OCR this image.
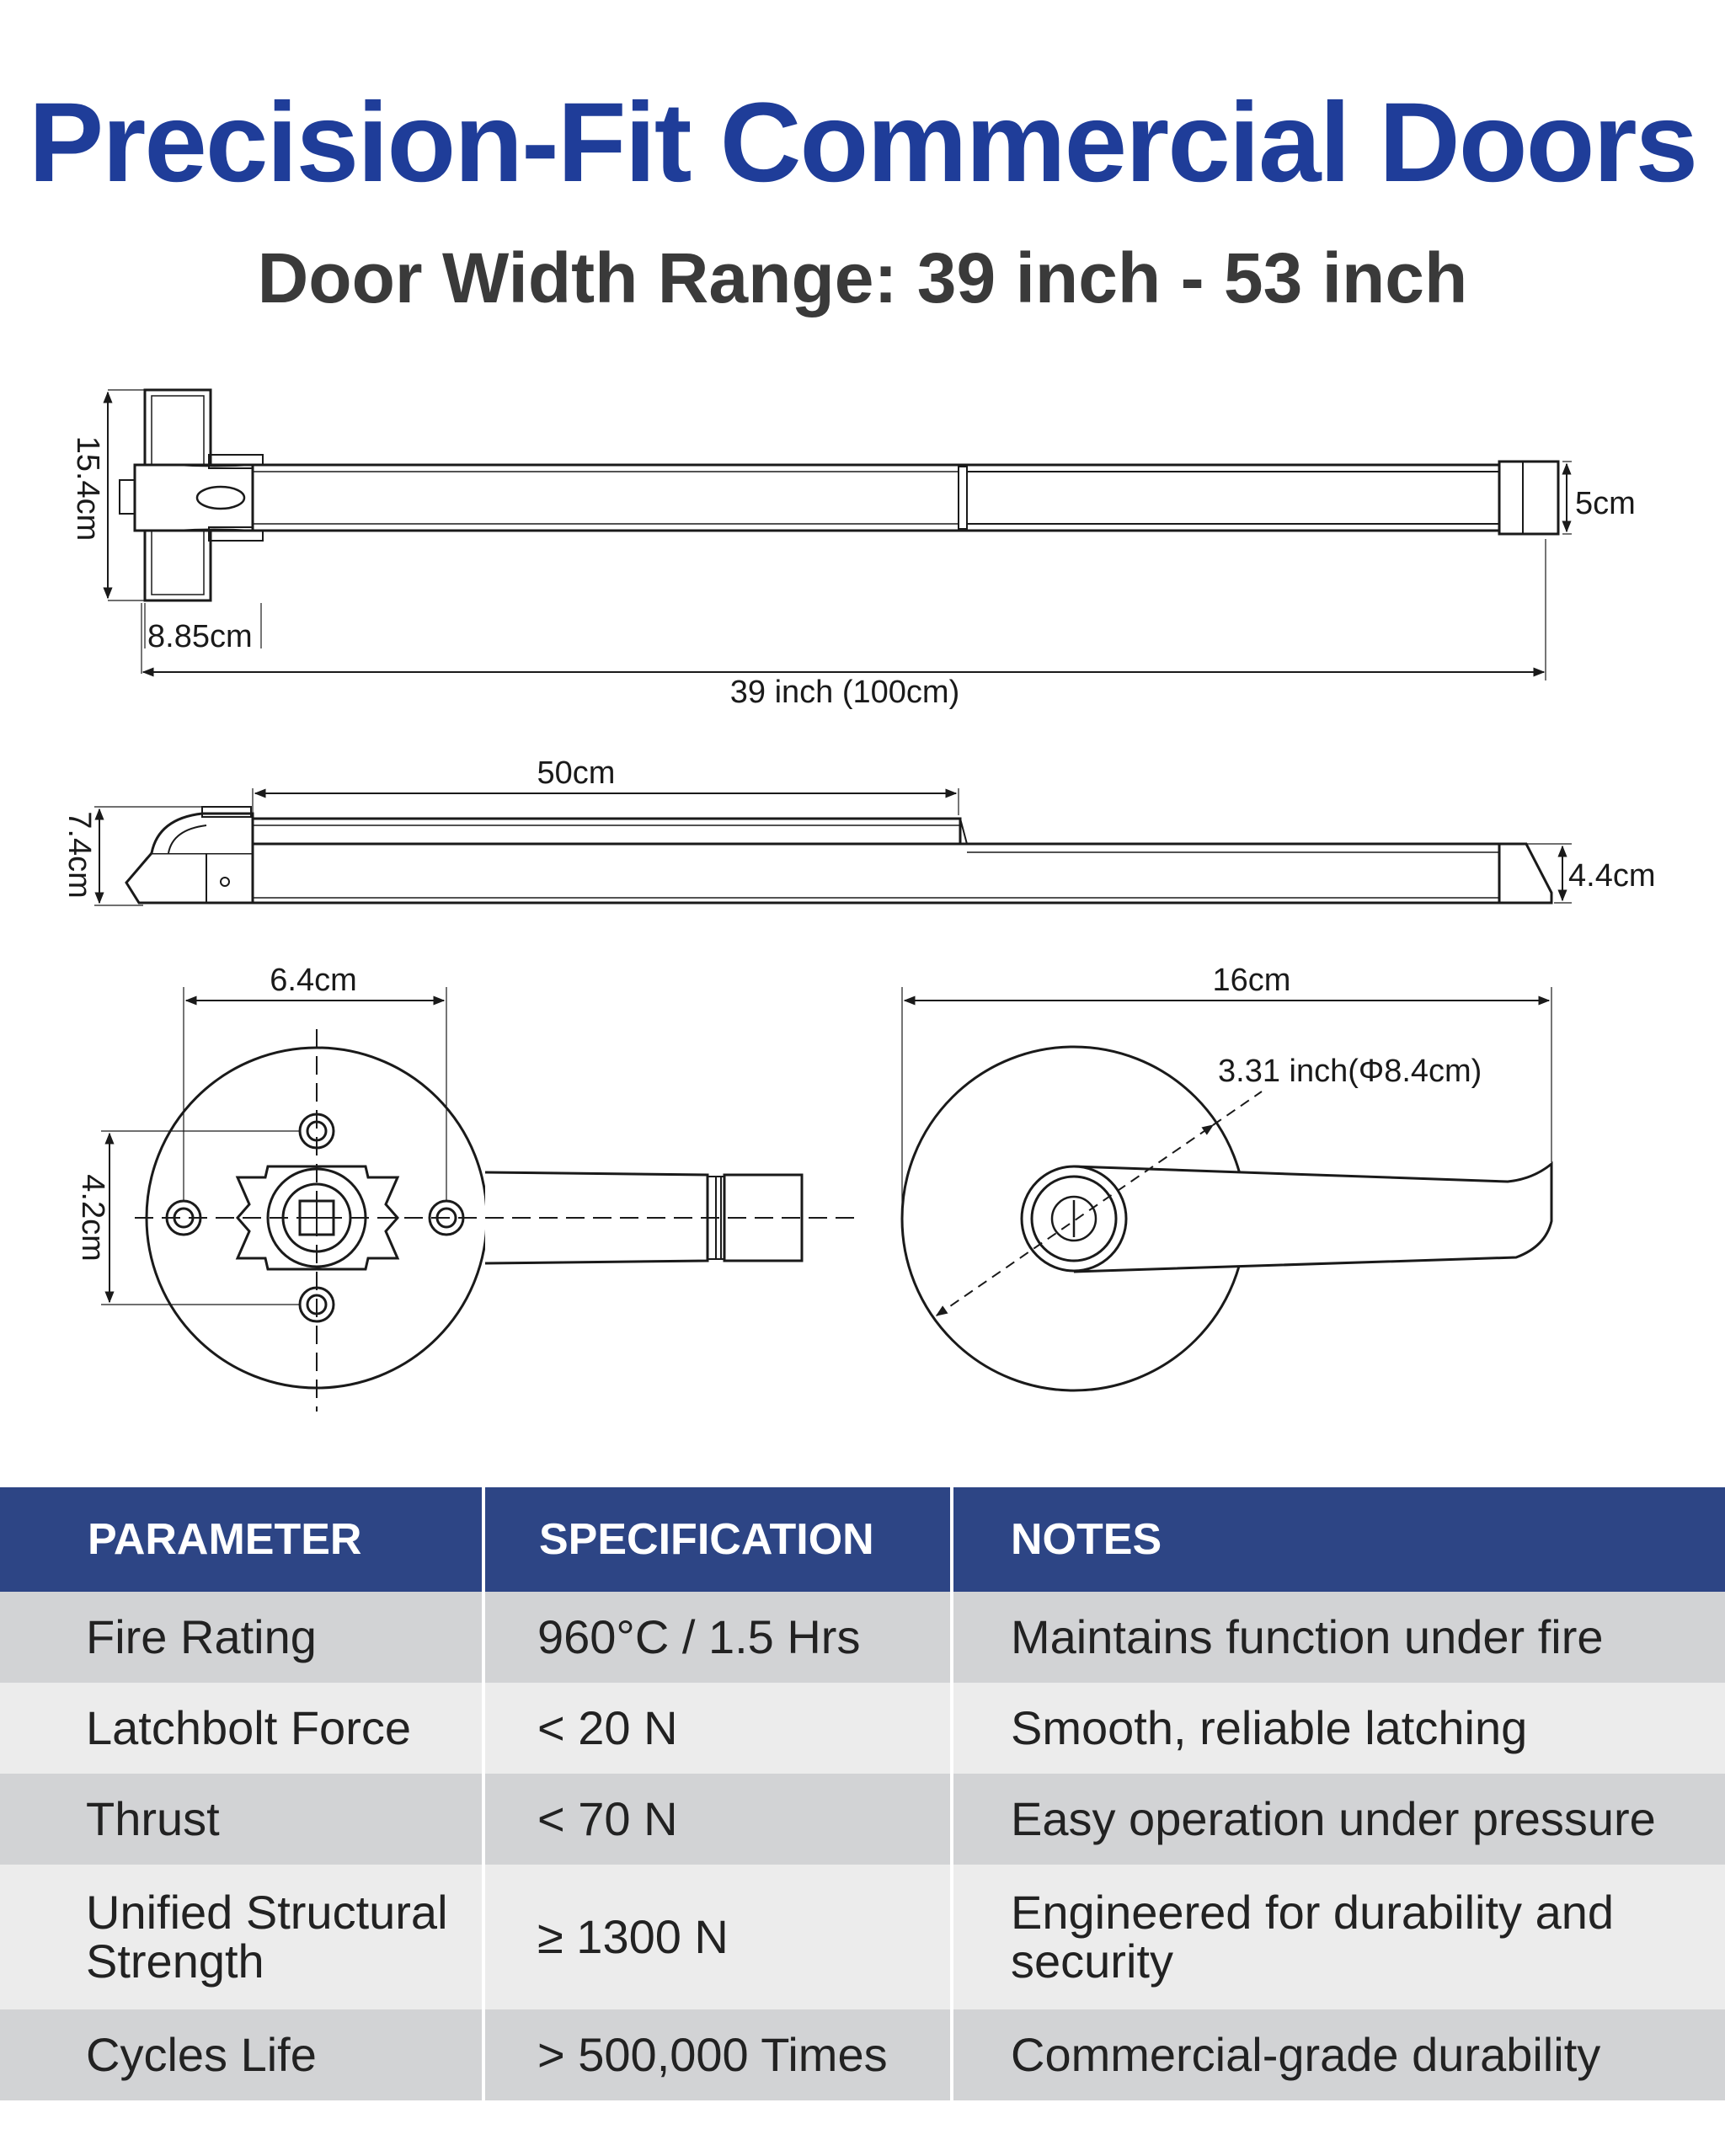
Precision-Fit Commercial Doors
Door Width Range: 39 inch - 53 inch
15.4cm	5cm
8.85cm
39 inch (100cm)
50cm
7.4cm	4.4cm
6.4cm
4.2cm
16cm
3.31 inch(Φ8.4cm)
PARAMETER	SPECIFICATION	NOTES
Fire Rating	960°C / 1.5 Hrs	Maintains function under fire
Latchbolt Force	< 20 N	Smooth, reliable latching
Thrust	< 70 N	Easy operation under pressure
Unified Structural Strength	≥ 1300 N	Engineered for durability and security
Cycles Life	> 500,000 Times	Commercial-grade durability
